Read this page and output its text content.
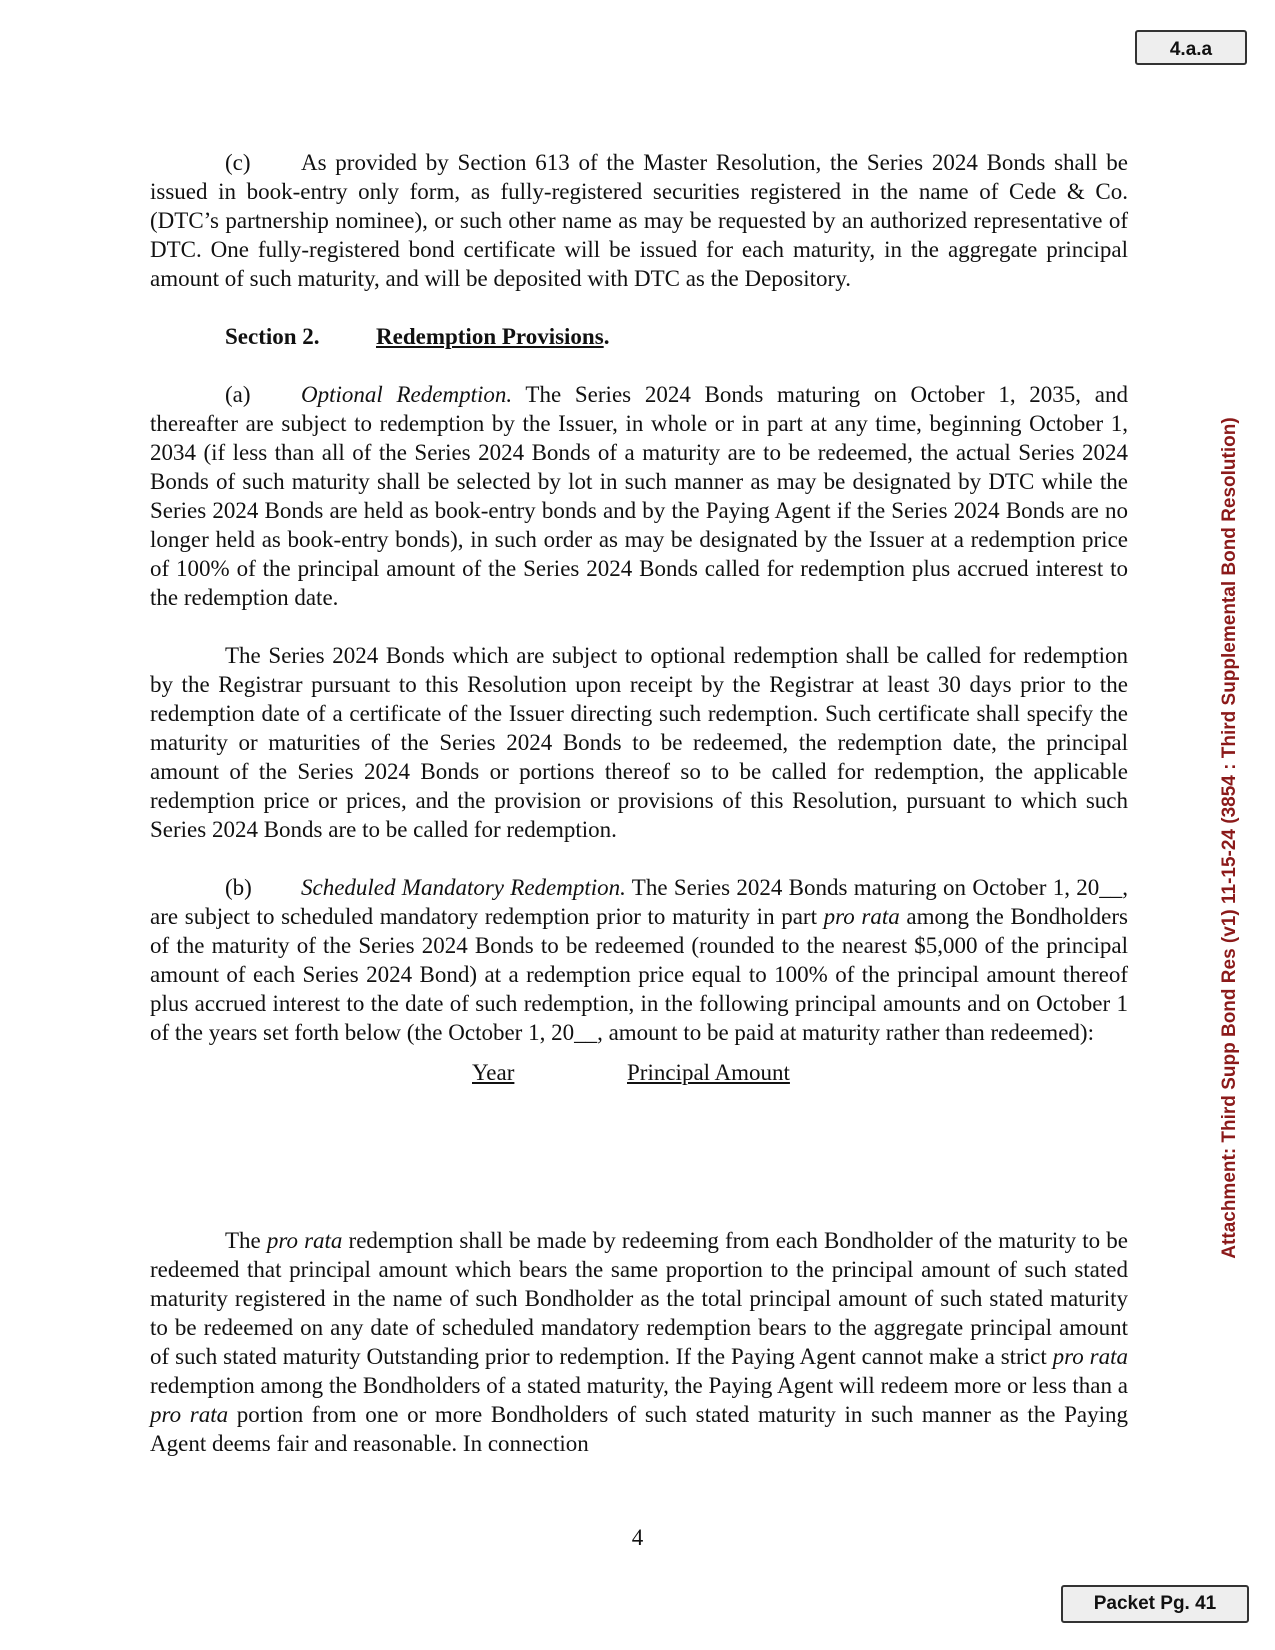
4.a.a
Attachment: Third Supp Bond Res (v1) 11-15-24 (3854 : Third Supplemental Bond Resolution)

(c) As provided by Section 613 of the Master Resolution, the Series 2024 Bonds shall be issued in book-entry only form, as fully-registered securities registered in the name of Cede & Co. (DTC’s partnership nominee), or such other name as may be requested by an authorized representative of DTC. One fully-registered bond certificate will be issued for each maturity, in the aggregate principal amount of such maturity, and will be deposited with DTC as the Depository.

Section 2. Redemption Provisions.

(a) Optional Redemption. The Series 2024 Bonds maturing on October 1, 2035, and thereafter are subject to redemption by the Issuer, in whole or in part at any time, beginning October 1, 2034 (if less than all of the Series 2024 Bonds of a maturity are to be redeemed, the actual Series 2024 Bonds of such maturity shall be selected by lot in such manner as may be designated by DTC while the Series 2024 Bonds are held as book-entry bonds and by the Paying Agent if the Series 2024 Bonds are no longer held as book-entry bonds), in such order as may be designated by the Issuer at a redemption price of 100% of the principal amount of the Series 2024 Bonds called for redemption plus accrued interest to the redemption date.

The Series 2024 Bonds which are subject to optional redemption shall be called for redemption by the Registrar pursuant to this Resolution upon receipt by the Registrar at least 30 days prior to the redemption date of a certificate of the Issuer directing such redemption. Such certificate shall specify the maturity or maturities of the Series 2024 Bonds to be redeemed, the redemption date, the principal amount of the Series 2024 Bonds or portions thereof so to be called for redemption, the applicable redemption price or prices, and the provision or provisions of this Resolution, pursuant to which such Series 2024 Bonds are to be called for redemption.

(b) Scheduled Mandatory Redemption. The Series 2024 Bonds maturing on October 1, 20__, are subject to scheduled mandatory redemption prior to maturity in part pro rata among the Bondholders of the maturity of the Series 2024 Bonds to be redeemed (rounded to the nearest $5,000 of the principal amount of each Series 2024 Bond) at a redemption price equal to 100% of the principal amount thereof plus accrued interest to the date of such redemption, in the following principal amounts and on October 1 of the years set forth below (the October 1, 20__, amount to be paid at maturity rather than redeemed):

Year	Principal Amount

The pro rata redemption shall be made by redeeming from each Bondholder of the maturity to be redeemed that principal amount which bears the same proportion to the principal amount of such stated maturity registered in the name of such Bondholder as the total principal amount of such stated maturity to be redeemed on any date of scheduled mandatory redemption bears to the aggregate principal amount of such stated maturity Outstanding prior to redemption. If the Paying Agent cannot make a strict pro rata redemption among the Bondholders of a stated maturity, the Paying Agent will redeem more or less than a pro rata portion from one or more Bondholders of such stated maturity in such manner as the Paying Agent deems fair and reasonable. In connection

4
Packet Pg. 41
